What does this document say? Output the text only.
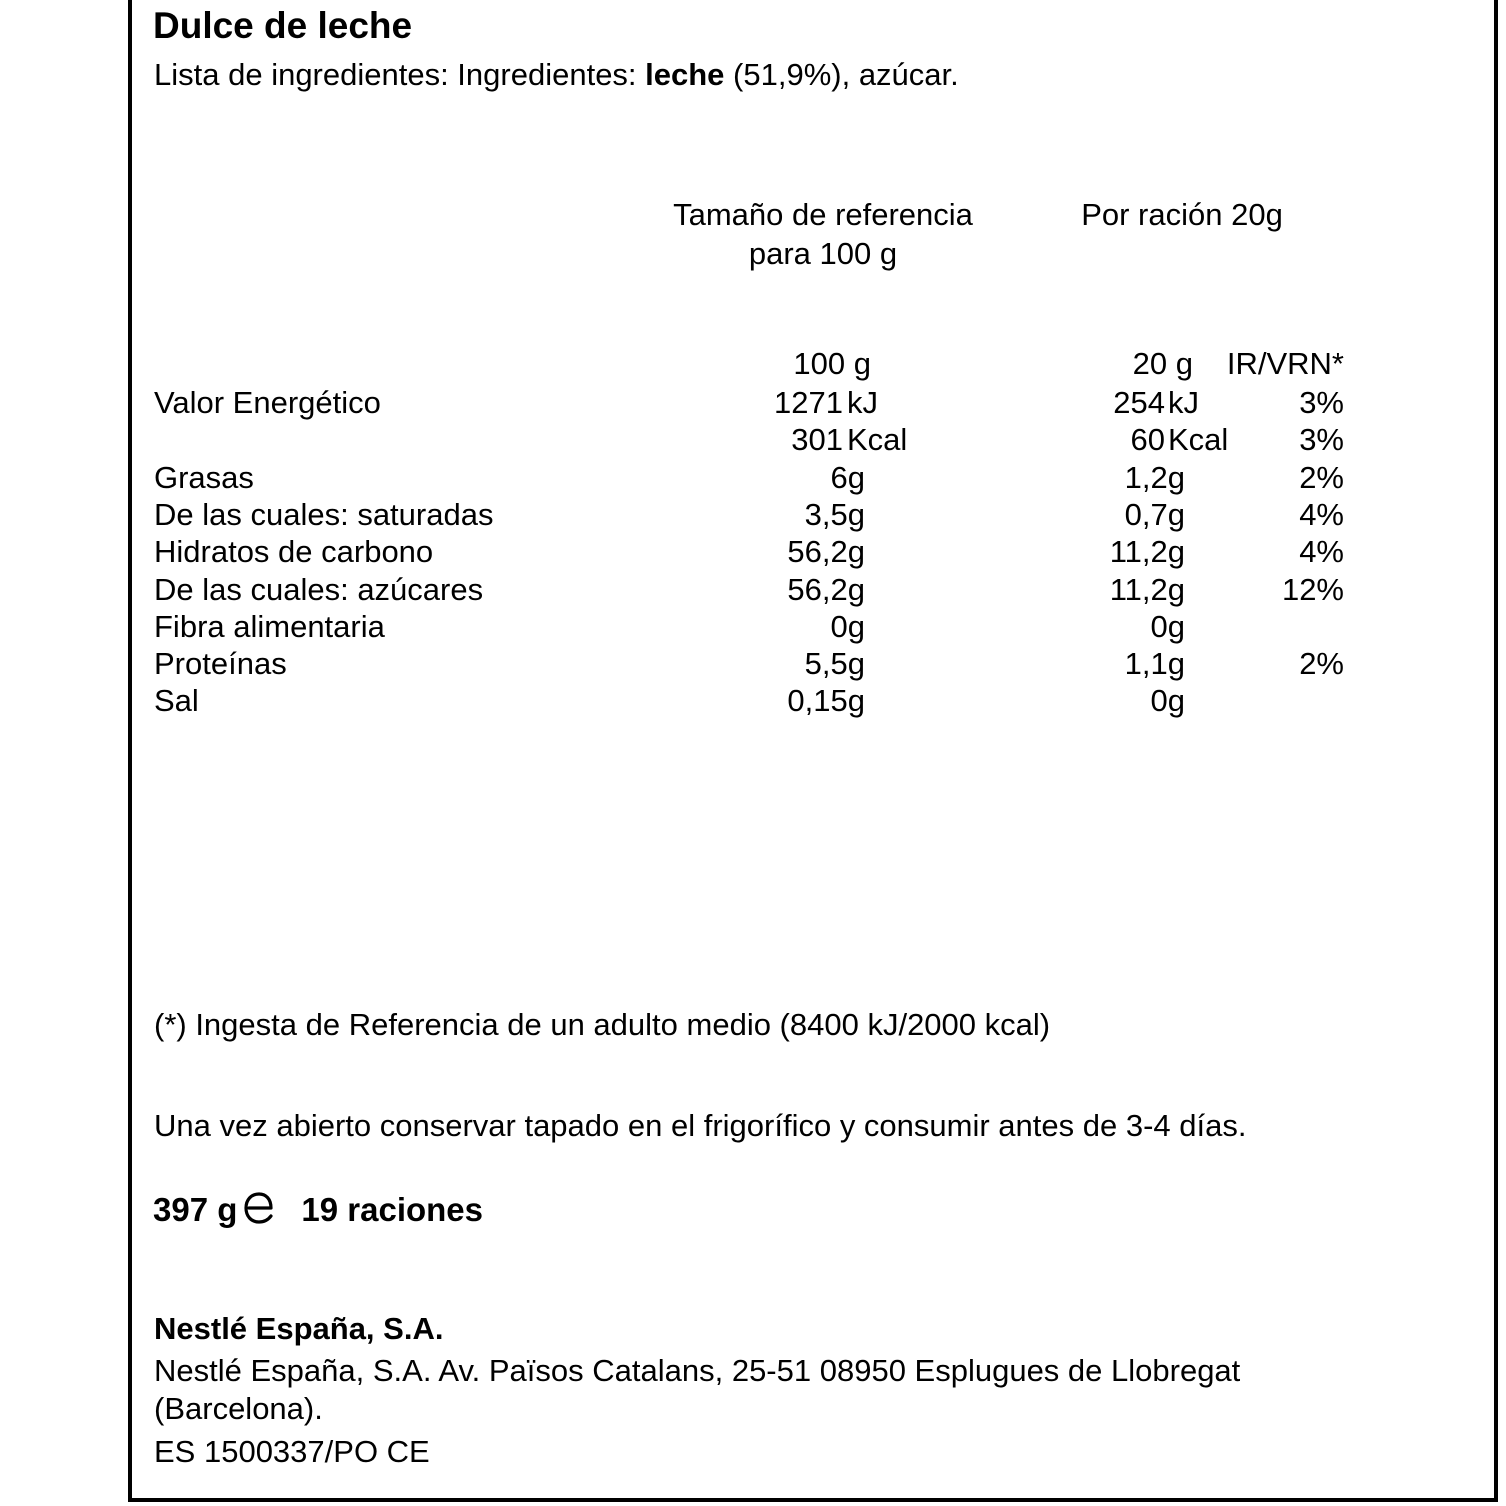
Dulce de leche
Lista de ingredientes: Ingredientes: leche (51,9%), azúcar.
Tamaño de referencia
para 100 g
Por ración 20g
100 g	20 g	IR/VRN*
Valor Energético	1271 kJ	254 kJ	3%
301 Kcal	60 Kcal	3%
Grasas	6g	1,2g	2%
De las cuales: saturadas	3,5g	0,7g	4%
Hidratos de carbono	56,2g	11,2g	4%
De las cuales: azúcares	56,2g	11,2g	12%
Fibra alimentaria	0g	0g
Proteínas	5,5g	1,1g	2%
Sal	0,15g	0g
(*) Ingesta de Referencia de un adulto medio (8400 kJ/2000 kcal)
Una vez abierto conservar tapado en el frigorífico y consumir antes de 3-4 días.
397 g 19 raciones
Nestlé España, S.A.
Nestlé España, S.A. Av. Països Catalans, 25-51 08950 Esplugues de Llobregat
(Barcelona).
ES 1500337/PO CE
